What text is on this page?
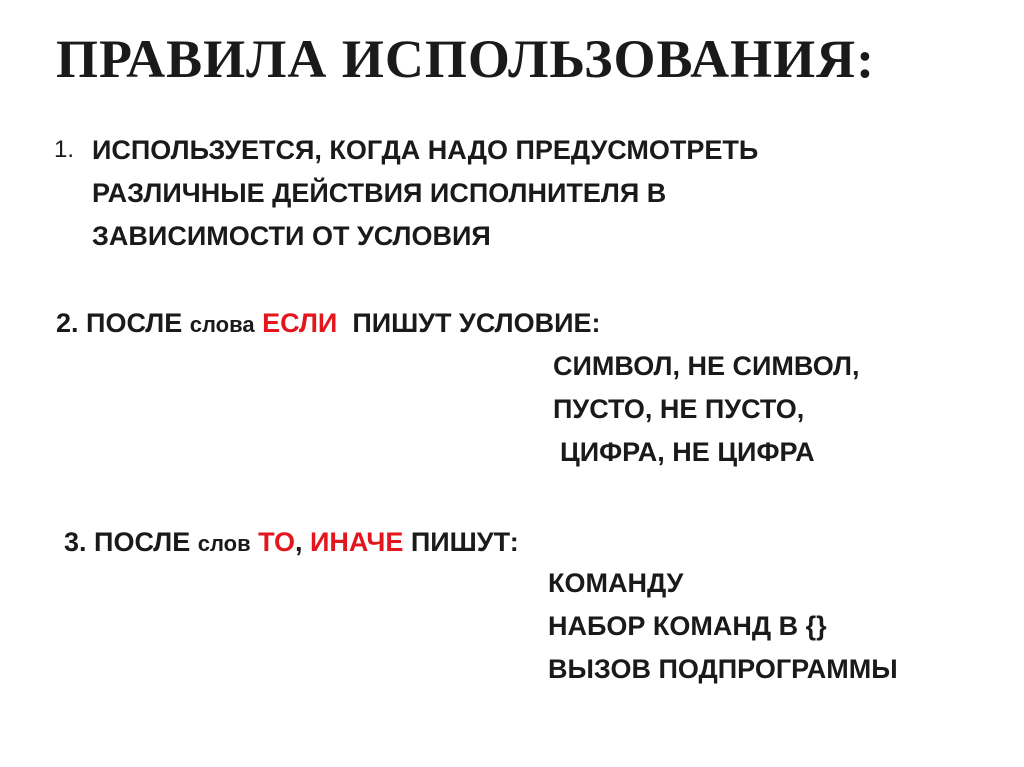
ПРАВИЛА ИСПОЛЬЗОВАНИЯ:
1. ИСПОЛЬЗУЕТСЯ, КОГДА НАДО ПРЕДУСМОТРЕТЬ
РАЗЛИЧНЫЕ ДЕЙСТВИЯ ИСПОЛНИТЕЛЯ В
ЗАВИСИМОСТИ ОТ УСЛОВИЯ
2. ПОСЛЕ слова ЕСЛИ ПИШУТ УСЛОВИЕ:
СИМВОЛ, НЕ СИМВОЛ,
ПУСТО, НЕ ПУСТО,
ЦИФРА, НЕ ЦИФРА
3. ПОСЛЕ слов ТО, ИНАЧЕ ПИШУТ:
КОМАНДУ
НАБОР КОМАНД В {}
ВЫЗОВ ПОДПРОГРАММЫ
